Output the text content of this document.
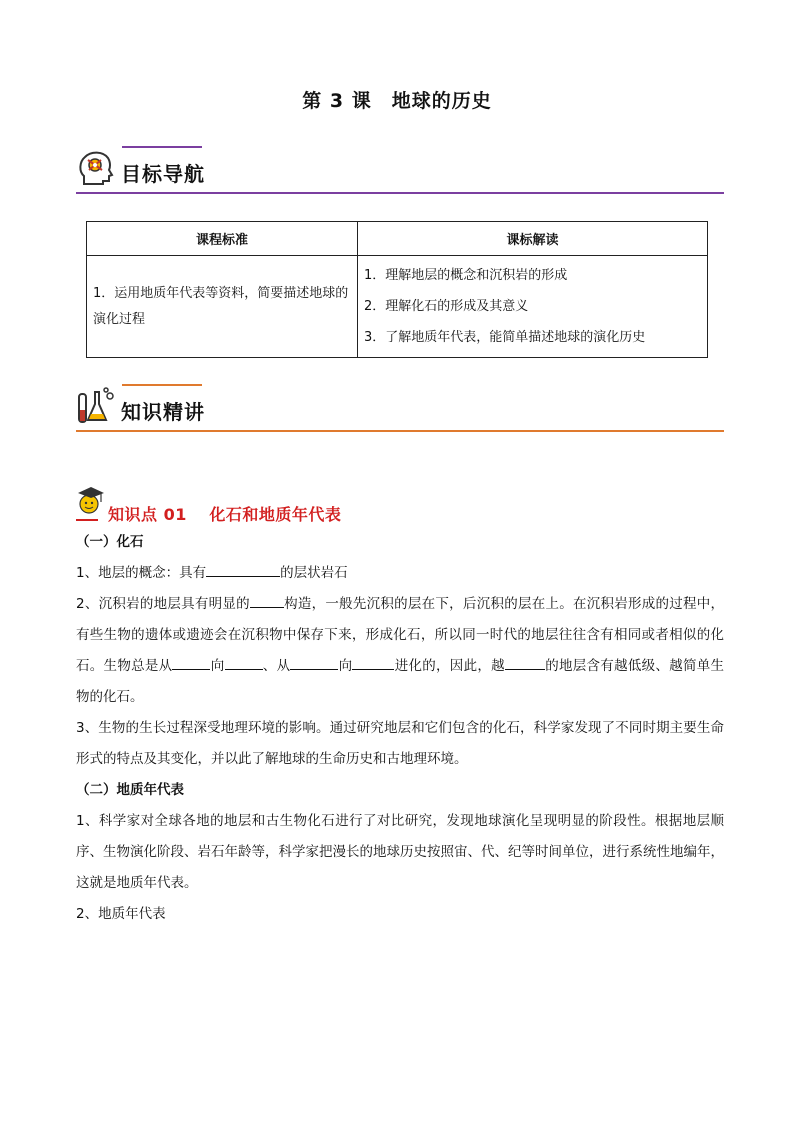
第 3 课　地球的历史
目标导航
课程标准	课标解读
1．运用地质年代表等资料，简要描述地球的演化过程	1．理解地层的概念和沉积岩的形成
2．理解化石的形成及其意义
3．了解地质年代表，能简单描述地球的演化历史
知识精讲
知识点 01　 化石和地质年代表
（一）化石
1、地层的概念：具有	的层状岩石
2、沉积岩的地层具有明显的	构造，一般先沉积的层在下，后沉积的层在上。在沉积岩形成的过程中，有些生物的遗体或遗迹会在沉积物中保存下来，形成化石，所以同一时代的地层往往含有相同或者相似的化石。生物总是从	向	、从	向	进化的，因此，越	的地层含有越低级、越简单生物的化石。
3、生物的生长过程深受地理环境的影响。通过研究地层和它们包含的化石，科学家发现了不同时期主要生命形式的特点及其变化，并以此了解地球的生命历史和古地理环境。
（二）地质年代表
1、科学家对全球各地的地层和古生物化石进行了对比研究，发现地球演化呈现明显的阶段性。根据地层顺序、生物演化阶段、岩石年龄等，科学家把漫长的地球历史按照宙、代、纪等时间单位，进行系统性地编年，这就是地质年代表。
2、地质年代表
